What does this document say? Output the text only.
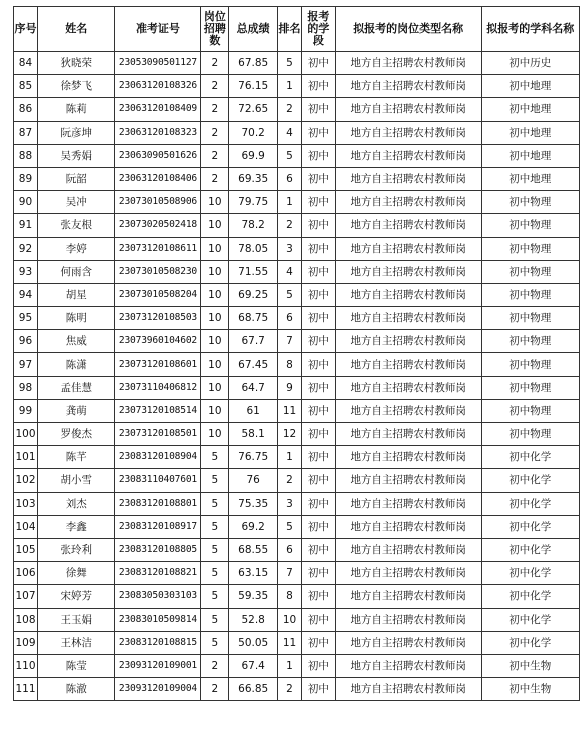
序号	姓名	准考证号	岗位招聘数	总成绩	排名	报考的学段	拟报考的岗位类型名称	拟报考的学科名称
84	狄晓荣	23053090501127	2	67.85	5	初中	地方自主招聘农村教师岗	初中历史
85	徐梦飞	23063120108326	2	76.15	1	初中	地方自主招聘农村教师岗	初中地理
86	陈莉	23063120108409	2	72.65	2	初中	地方自主招聘农村教师岗	初中地理
87	阮彦坤	23063120108323	2	70.2	4	初中	地方自主招聘农村教师岗	初中地理
88	吴秀娟	23063090501626	2	69.9	5	初中	地方自主招聘农村教师岗	初中地理
89	阮韶	23063120108406	2	69.35	6	初中	地方自主招聘农村教师岗	初中地理
90	吴冲	23073010508906	10	79.75	1	初中	地方自主招聘农村教师岗	初中物理
91	张友根	23073020502418	10	78.2	2	初中	地方自主招聘农村教师岗	初中物理
92	李婷	23073120108611	10	78.05	3	初中	地方自主招聘农村教师岗	初中物理
93	何雨含	23073010508230	10	71.55	4	初中	地方自主招聘农村教师岗	初中物理
94	胡星	23073010508204	10	69.25	5	初中	地方自主招聘农村教师岗	初中物理
95	陈明	23073120108503	10	68.75	6	初中	地方自主招聘农村教师岗	初中物理
96	焦威	23073960104602	10	67.7	7	初中	地方自主招聘农村教师岗	初中物理
97	陈潇	23073120108601	10	67.45	8	初中	地方自主招聘农村教师岗	初中物理
98	孟佳慧	23073110406812	10	64.7	9	初中	地方自主招聘农村教师岗	初中物理
99	龚萌	23073120108514	10	61	11	初中	地方自主招聘农村教师岗	初中物理
100	罗俊杰	23073120108501	10	58.1	12	初中	地方自主招聘农村教师岗	初中物理
101	陈芊	23083120108904	5	76.75	1	初中	地方自主招聘农村教师岗	初中化学
102	胡小雪	23083110407601	5	76	2	初中	地方自主招聘农村教师岗	初中化学
103	刘杰	23083120108801	5	75.35	3	初中	地方自主招聘农村教师岗	初中化学
104	李鑫	23083120108917	5	69.2	5	初中	地方自主招聘农村教师岗	初中化学
105	张玲利	23083120108805	5	68.55	6	初中	地方自主招聘农村教师岗	初中化学
106	徐舞	23083120108821	5	63.15	7	初中	地方自主招聘农村教师岗	初中化学
107	宋婷芳	23083050303103	5	59.35	8	初中	地方自主招聘农村教师岗	初中化学
108	王玉娟	23083010509814	5	52.8	10	初中	地方自主招聘农村教师岗	初中化学
109	王林洁	23083120108815	5	50.05	11	初中	地方自主招聘农村教师岗	初中化学
110	陈莹	23093120109001	2	67.4	1	初中	地方自主招聘农村教师岗	初中生物
111	陈澈	23093120109004	2	66.85	2	初中	地方自主招聘农村教师岗	初中生物
